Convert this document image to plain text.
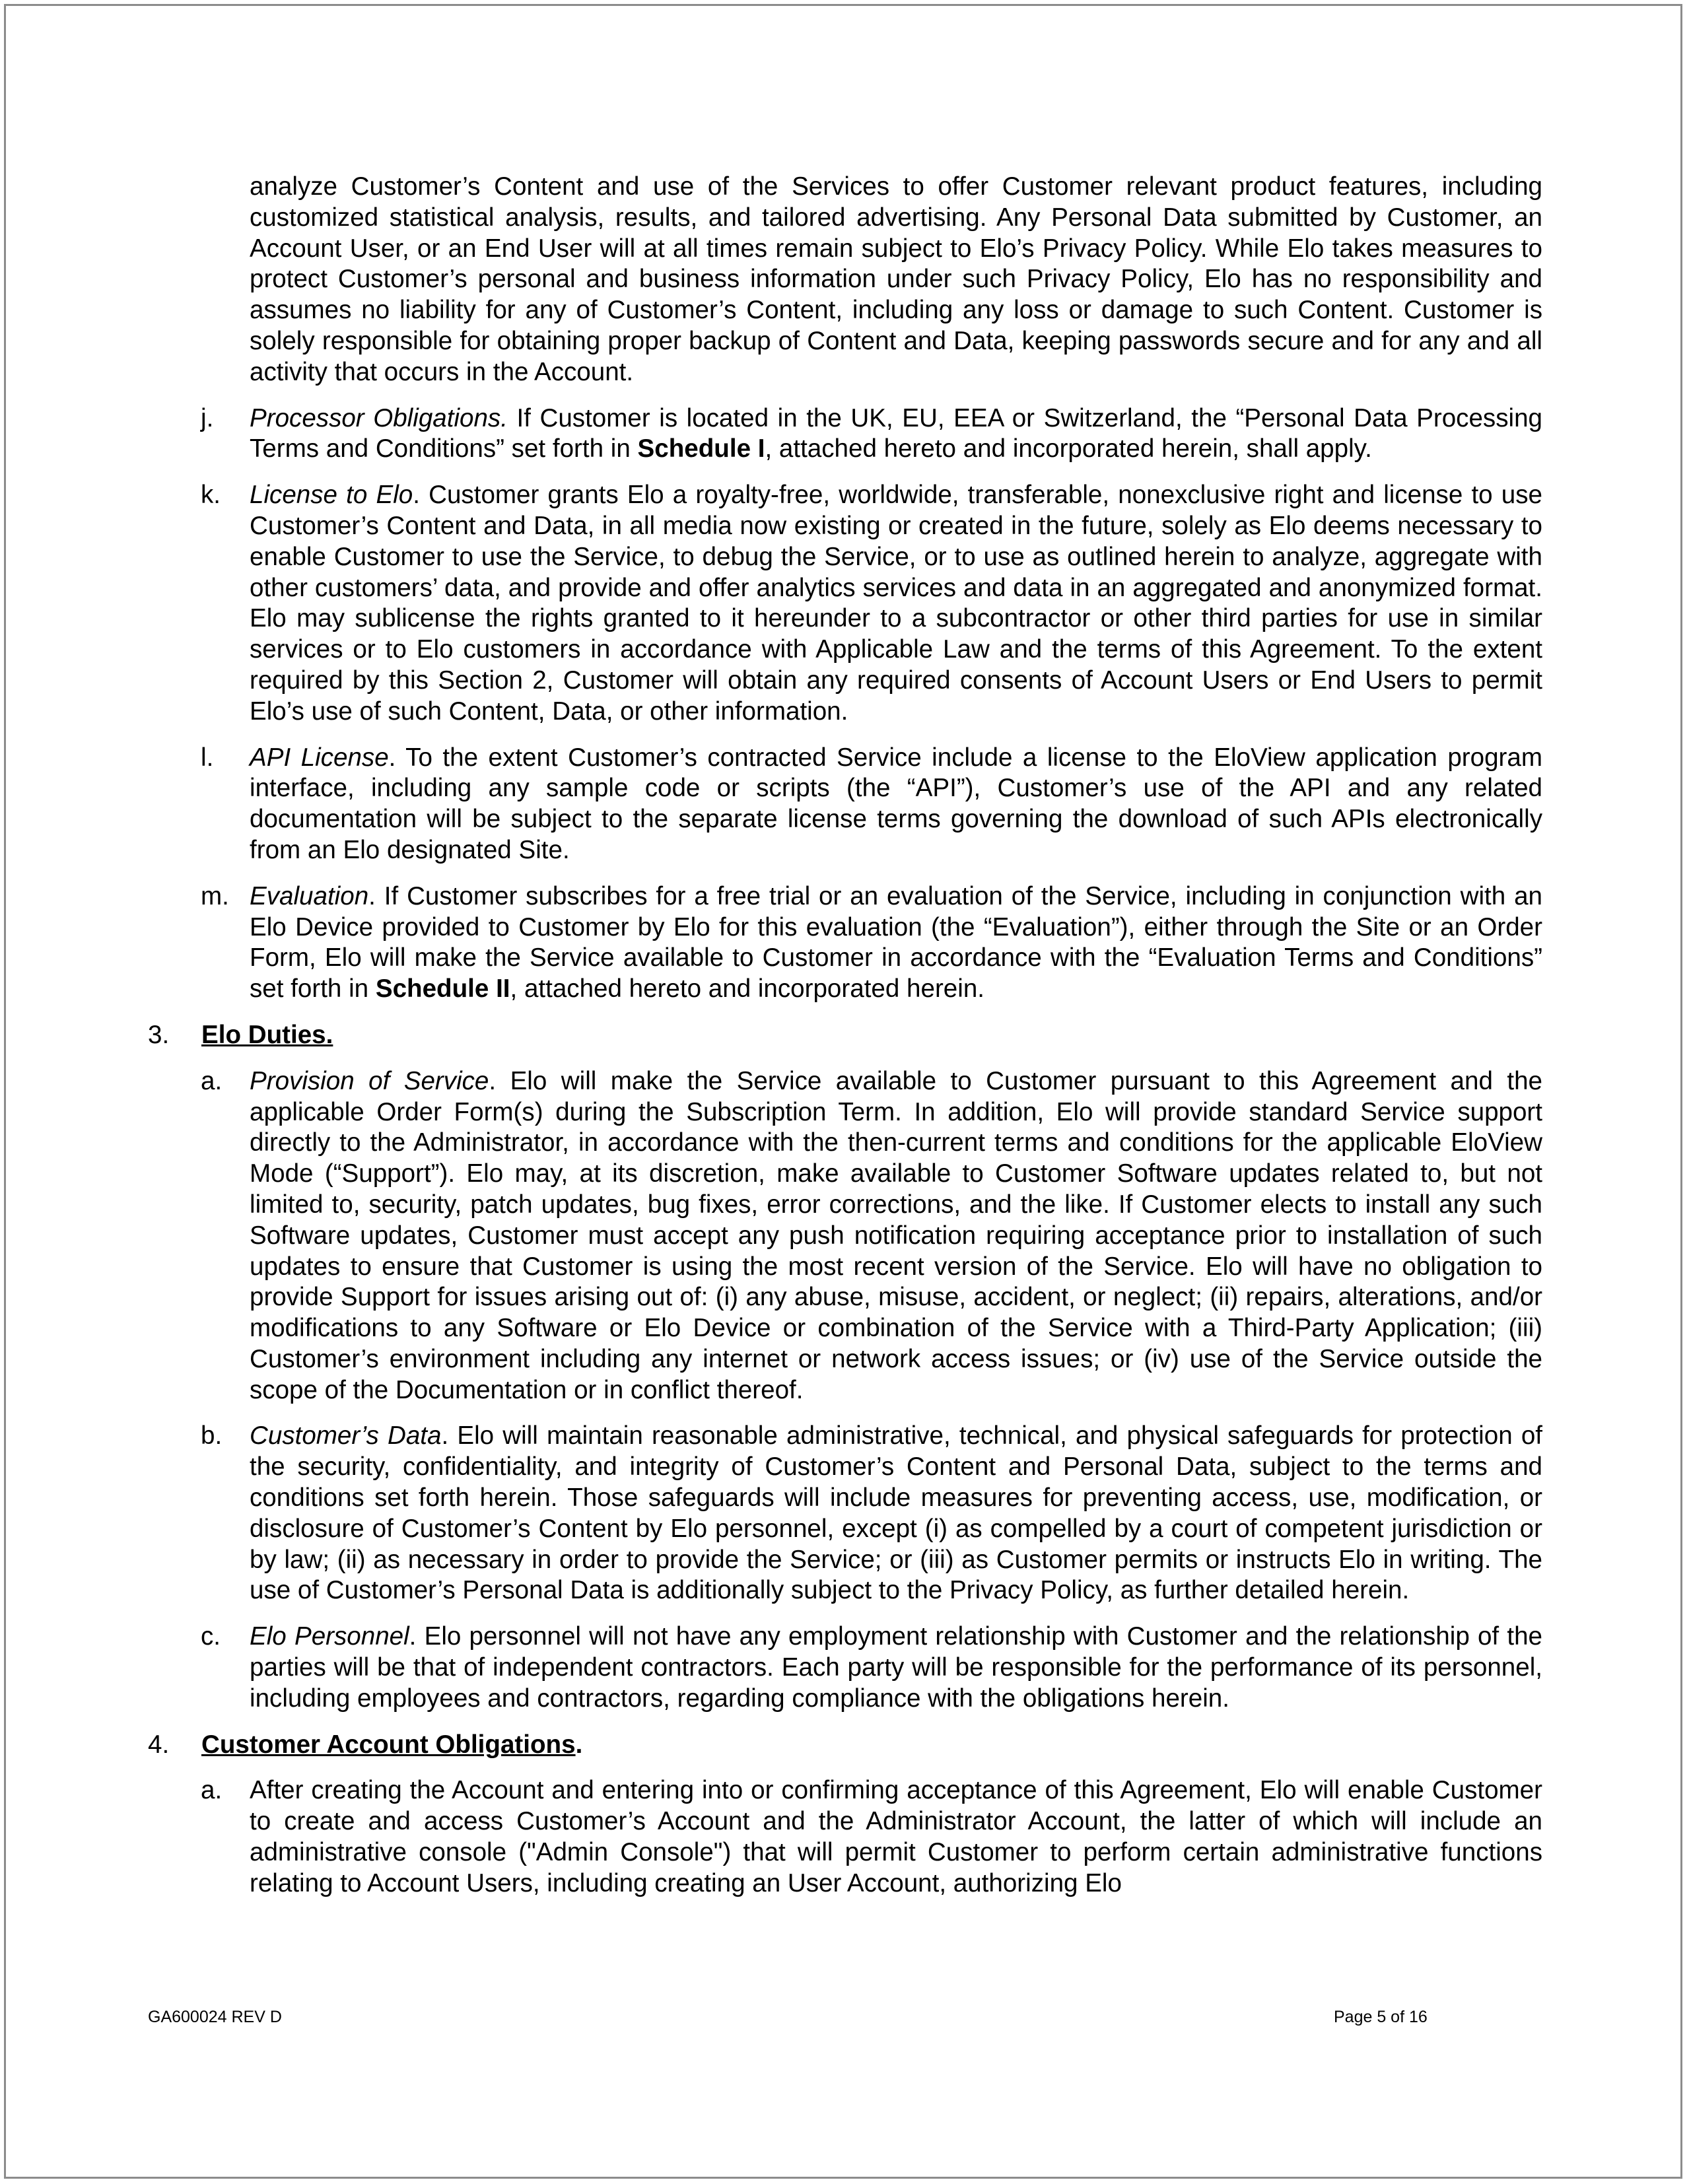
analyze Customer’s Content and use of the Services to offer Customer relevant product features, including customized statistical analysis, results, and tailored advertising. Any Personal Data submitted by Customer, an Account User, or an End User will at all times remain subject to Elo’s Privacy Policy. While Elo takes measures to protect Customer’s personal and business information under such Privacy Policy, Elo has no responsibility and assumes no liability for any of Customer’s Content, including any loss or damage to such Content. Customer is solely responsible for obtaining proper backup of Content and Data, keeping passwords secure and for any and all activity that occurs in the Account.

j. Processor Obligations. If Customer is located in the UK, EU, EEA or Switzerland, the “Personal Data Processing Terms and Conditions” set forth in Schedule I, attached hereto and incorporated herein, shall apply.
k. License to Elo. Customer grants Elo a royalty-free, worldwide, transferable, nonexclusive right and license to use Customer’s Content and Data, in all media now existing or created in the future, solely as Elo deems necessary to enable Customer to use the Service, to debug the Service, or to use as outlined herein to analyze, aggregate with other customers’ data, and provide and offer analytics services and data in an aggregated and anonymized format. Elo may sublicense the rights granted to it hereunder to a subcontractor or other third parties for use in similar services or to Elo customers in accordance with Applicable Law and the terms of this Agreement. To the extent required by this Section 2, Customer will obtain any required consents of Account Users or End Users to permit Elo’s use of such Content, Data, or other information.
l. API License. To the extent Customer’s contracted Service include a license to the EloView application program interface, including any sample code or scripts (the “API”), Customer’s use of the API and any related documentation will be subject to the separate license terms governing the download of such APIs electronically from an Elo designated Site.
m. Evaluation. If Customer subscribes for a free trial or an evaluation of the Service, including in conjunction with an Elo Device provided to Customer by Elo for this evaluation (the “Evaluation”), either through the Site or an Order Form, Elo will make the Service available to Customer in accordance with the “Evaluation Terms and Conditions” set forth in Schedule II, attached hereto and incorporated herein.
3. Elo Duties.
a. Provision of Service. Elo will make the Service available to Customer pursuant to this Agreement and the applicable Order Form(s) during the Subscription Term. In addition, Elo will provide standard Service support directly to the Administrator, in accordance with the then-current terms and conditions for the applicable EloView Mode (“Support”). Elo may, at its discretion, make available to Customer Software updates related to, but not limited to, security, patch updates, bug fixes, error corrections, and the like. If Customer elects to install any such Software updates, Customer must accept any push notification requiring acceptance prior to installation of such updates to ensure that Customer is using the most recent version of the Service. Elo will have no obligation to provide Support for issues arising out of: (i) any abuse, misuse, accident, or neglect; (ii) repairs, alterations, and/or modifications to any Software or Elo Device or combination of the Service with a Third-Party Application; (iii) Customer’s environment including any internet or network access issues; or (iv) use of the Service outside the scope of the Documentation or in conflict thereof.
b. Customer’s Data. Elo will maintain reasonable administrative, technical, and physical safeguards for protection of the security, confidentiality, and integrity of Customer’s Content and Personal Data, subject to the terms and conditions set forth herein. Those safeguards will include measures for preventing access, use, modification, or disclosure of Customer’s Content by Elo personnel, except (i) as compelled by a court of competent jurisdiction or by law; (ii) as necessary in order to provide the Service; or (iii) as Customer permits or instructs Elo in writing. The use of Customer’s Personal Data is additionally subject to the Privacy Policy, as further detailed herein.
c. Elo Personnel. Elo personnel will not have any employment relationship with Customer and the relationship of the parties will be that of independent contractors. Each party will be responsible for the performance of its personnel, including employees and contractors, regarding compliance with the obligations herein.
4. Customer Account Obligations.
a. After creating the Account and entering into or confirming acceptance of this Agreement, Elo will enable Customer to create and access Customer’s Account and the Administrator Account, the latter of which will include an administrative console ("Admin Console") that will permit Customer to perform certain administrative functions relating to Account Users, including creating an User Account, authorizing Elo
GA600024 REV D	Page 5 of 16
